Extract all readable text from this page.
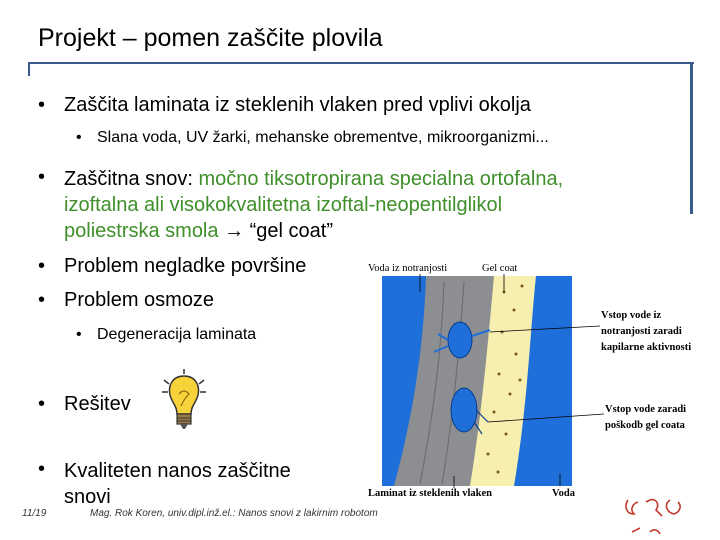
Projekt – pomen zaščite plovila
• Zaščita laminata iz steklenih vlaken pred vplivi okolja
• Slana voda, UV žarki, mehanske obrementve, mikroorganizmi...
• Zaščitna snov: močno tiksotropirana specialna ortofalna,
izoftalna ali visokokvalitetna izoftal-neopentilglikol
poliestrska smola → “gel coat”
• Problem negladke površine
• Problem osmoze
• Degeneracija laminata
• Rešitev
• Kvaliteten nanos zaščitne
snovi
Voda iz notranjosti	Gel coat
Vstop vode iz
notranjosti zaradi
kapilarne aktivnosti
Vstop vode zaradi
poškodb gel coata
Laminat iz steklenih vlaken	Voda
11/19	Mag. Rok Koren, univ.dipl.inž.el.: Nanos snovi z lakirnim robotom
